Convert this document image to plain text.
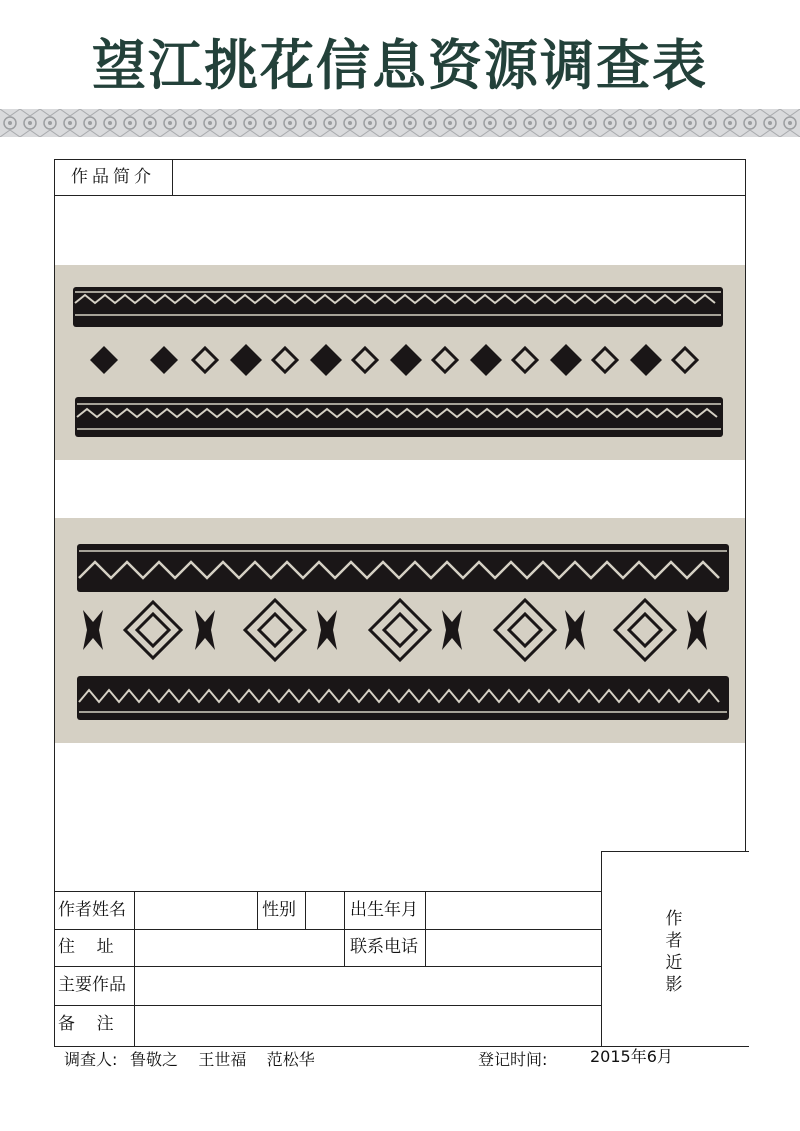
望江挑花信息资源调查表
作品简介
作者近影
作者姓名	性别	出生年月
住    址	联系电话
主要作品
备    注
调查人: 鲁敬之    王世福    范松华	登记时间:	2015年6月
